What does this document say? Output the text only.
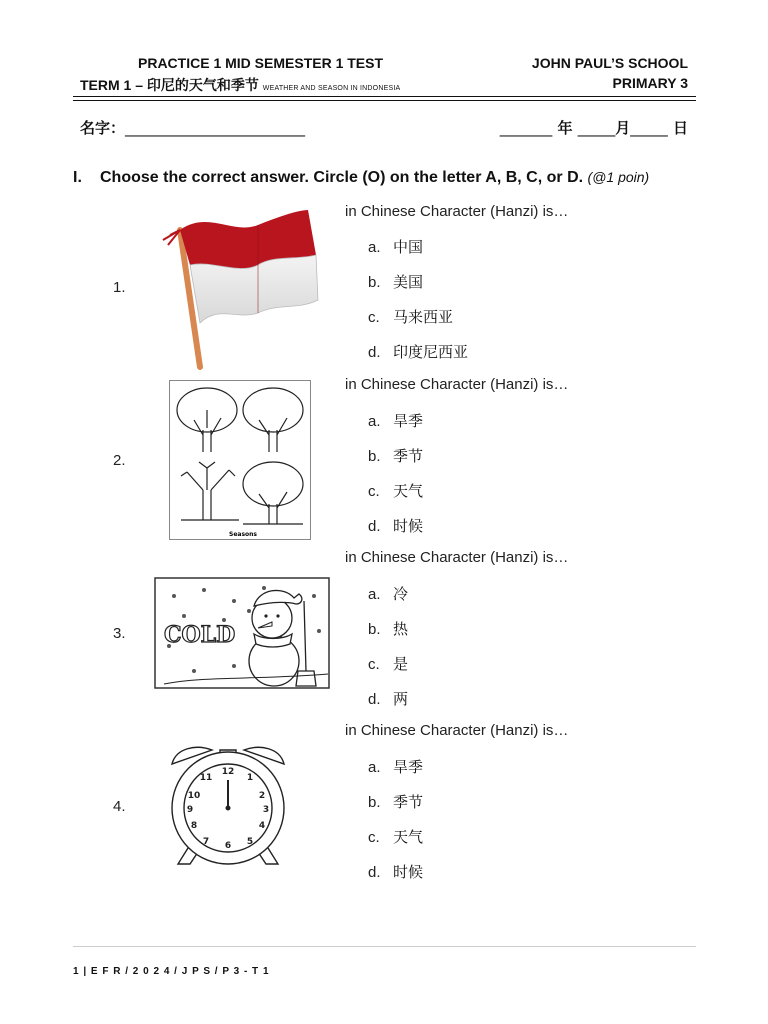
PRACTICE 1 MID SEMESTER 1 TEST
TERM 1 – 印尼的天气和季节 WEATHER AND SEASON IN INDONESIA
JOHN PAUL’S SCHOOL
PRIMARY 3
名字：________________________	_______ 年 _____月_____ 日
I. Choose the correct answer. Circle (O) on the letter A, B, C, or D. (@1 poin)
1.
in Chinese Character (Hanzi) is…
a. 中国
b. 美国
c. 马来西亚
d. 印度尼西亚
2.
Seasons
in Chinese Character (Hanzi) is…
a. 旱季
b. 季节
c. 天气
d. 时候
3. COLD
in Chinese Character (Hanzi) is…
a. 冷
b. 热
c. 是
d. 两
4.
12
1
2
3
4
5
6
7
8
9
10
11
in Chinese Character (Hanzi) is…
a. 旱季
b. 季节
c. 天气
d. 时候
1 | E F R / 2 0 2 4 / J P S / P 3 - T 1
